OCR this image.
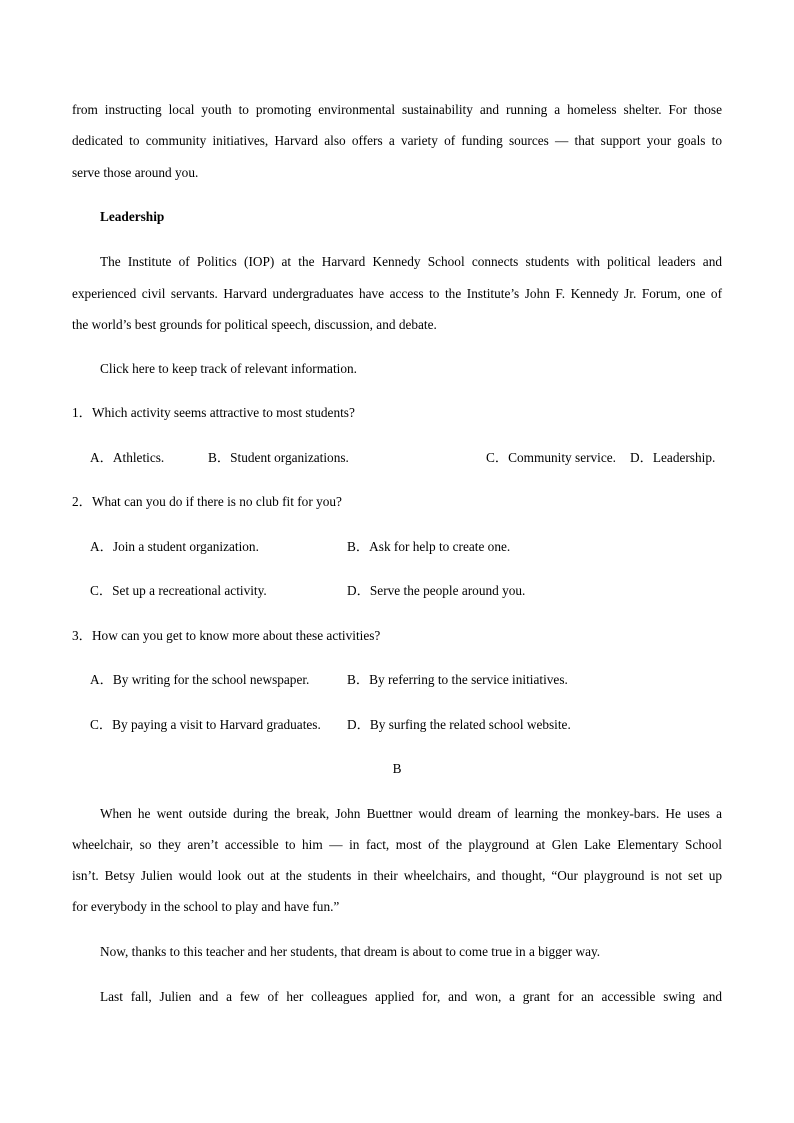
from instructing local youth to promoting environmental sustainability and running a homeless shelter. For those
dedicated to community initiatives, Harvard also offers a variety of funding sources — that support your goals to
serve those around you.
Leadership
The Institute of Politics (IOP) at the Harvard Kennedy School connects students with political leaders and
experienced civil servants. Harvard undergraduates have access to the Institute’s John F. Kennedy Jr. Forum, one of
the world’s best grounds for political speech, discussion, and debate.
Click here to keep track of relevant information.
1．Which activity seems attractive to most students?
A．Athletics.	B．Student organizations.	C．Community service. D．Leadership.
2．What can you do if there is no club fit for you?
A．Join a student organization.	B．Ask for help to create one.
C．Set up a recreational activity.	D．Serve the people around you.
3．How can you get to know more about these activities?
A．By writing for the school newspaper.	B．By referring to the service initiatives.
C．By paying a visit to Harvard graduates. D．By surfing the related school website.
B
When he went outside during the break, John Buettner would dream of learning the monkey-bars. He uses a
wheelchair, so they aren’t accessible to him — in fact, most of the playground at Glen Lake Elementary School
isn’t. Betsy Julien would look out at the students in their wheelchairs, and thought, “Our playground is not set up
for everybody in the school to play and have fun.”
Now, thanks to this teacher and her students, that dream is about to come true in a bigger way.
Last fall, Julien and a few of her colleagues applied for, and won, a grant for an accessible swing and
